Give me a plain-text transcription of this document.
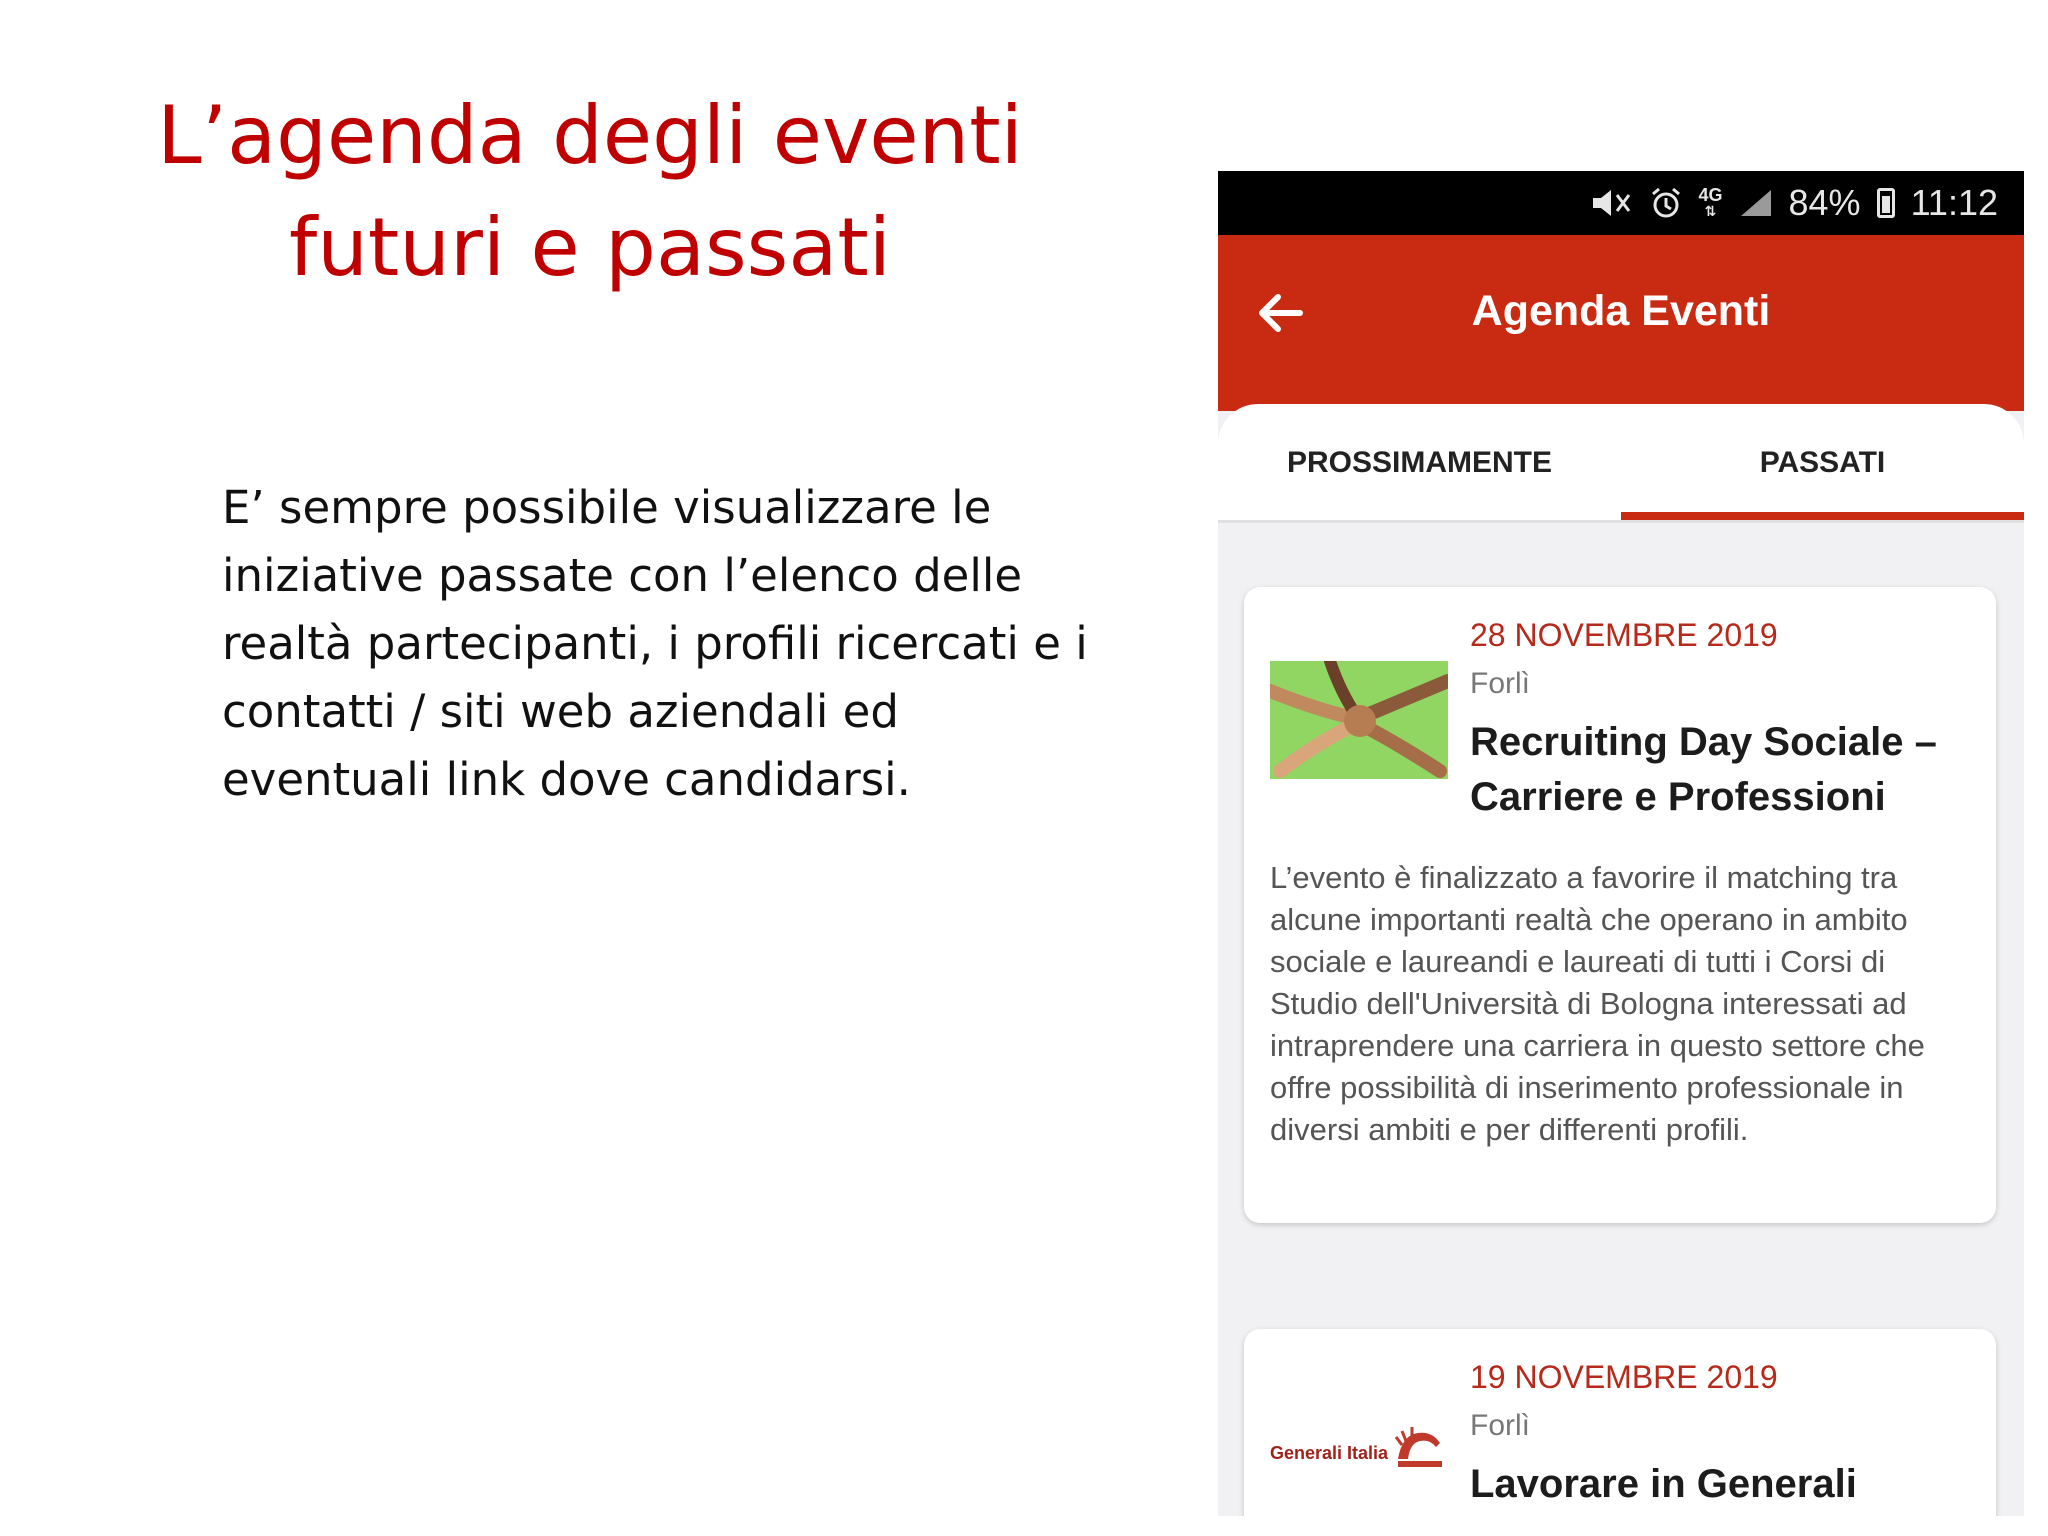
L’agenda degli eventi
futuri e passati

E’ sempre possibile visualizzare le iniziative passate con l’elenco delle realtà partecipanti, i profili ricercati e i contatti / siti web aziendali ed eventuali link dove candidarsi.

4G
⇅ 84% 11:12
Agenda Eventi
PROSSIMAMENTE	PASSATI
28 NOVEMBRE 2019
Forlì
Recruiting Day Sociale – Carriere e Professioni
L’evento è finalizzato a favorire il matching tra alcune importanti realtà che operano in ambito sociale e laureandi e laureati di tutti i Corsi di Studio dell'Università di Bologna interessati ad intraprendere una carriera in questo settore che offre possibilità di inserimento professionale in diversi ambiti e per differenti profili.
Generali Italia
19 NOVEMBRE 2019
Forlì
Lavorare in Generali
